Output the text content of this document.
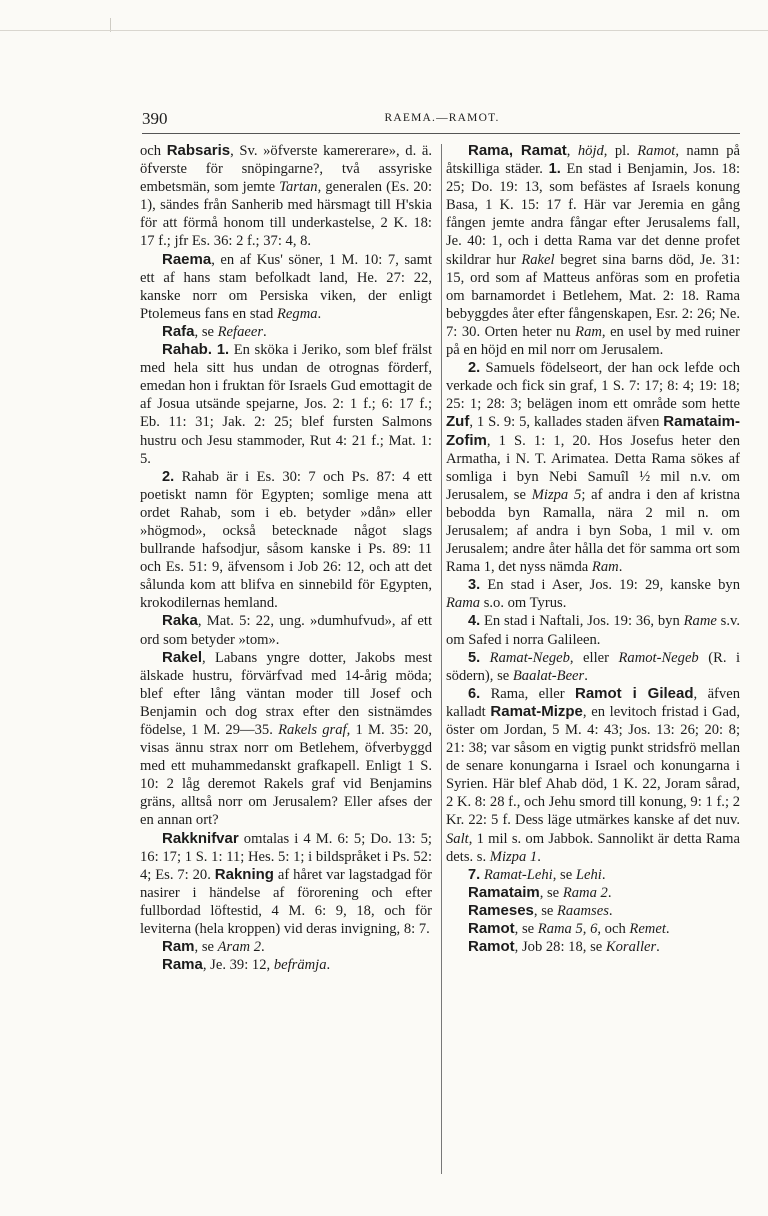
390	RAEMA.—RAMOT.

och Rabsaris, Sv. »öfverste kamererare», d. ä. öfverste för snöpingarne?, två assyriske embetsmän, som jemte Tartan, generalen (Es. 20: 1), sändes från Sanherib med härsmagt till H'skia för att förmå honom till underkastelse, 2 K. 18: 17 f.; jfr Es. 36: 2 f.; 37: 4, 8.

Raema, en af Kus' söner, 1 M. 10: 7, samt ett af hans stam befolkadt land, He. 27: 22, kanske norr om Persiska viken, der enligt Ptolemeus fans en stad Regma.

Rafa, se Refaeer.

Rahab. 1. En sköka i Jeriko, som blef frälst med hela sitt hus undan de otrognas förderf, emedan hon i fruktan för Israels Gud emottagit de af Josua utsände spejarne, Jos. 2: 1 f.; 6: 17 f.; Eb. 11: 31; Jak. 2: 25; blef fursten Salmons hustru och Jesu stammoder, Rut 4: 21 f.; Mat. 1: 5.

2. Rahab är i Es. 30: 7 och Ps. 87: 4 ett poetiskt namn för Egypten; somlige mena att ordet Rahab, som i eb. betyder »dån» eller »högmod», också betecknade något slags bullrande hafsodjur, såsom kanske i Ps. 89: 11 och Es. 51: 9, äfvensom i Job 26: 12, och att det sålunda kom att blifva en sinnebild för Egypten, krokodilernas hemland.

Raka, Mat. 5: 22, ung. »dumhufvud», af ett ord som betyder »tom».

Rakel, Labans yngre dotter, Jakobs mest älskade hustru, förvärfvad med 14-årig möda; blef efter lång väntan moder till Josef och Benjamin och dog strax efter den sistnämdes födelse, 1 M. 29—35. Rakels graf, 1 M. 35: 20, visas ännu strax norr om Betlehem, öfverbyggd med ett muhammedanskt grafkapell. Enligt 1 S. 10: 2 låg deremot Rakels graf vid Benjamins gräns, alltså norr om Jerusalem? Eller afses der en annan ort?

Rakknifvar omtalas i 4 M. 6: 5; Do. 13: 5; 16: 17; 1 S. 1: 11; Hes. 5: 1; i bildspråket i Ps. 52: 4; Es. 7: 20. Rakning af håret var lagstadgad för nasirer i händelse af förorening och efter fullbordad löftestid, 4 M. 6: 9, 18, och för leviterna (hela kroppen) vid deras invigning, 8: 7.

Ram, se Aram 2.

Rama, Je. 39: 12, befrämja.

Rama, Ramat, höjd, pl. Ramot, namn på åtskilliga städer. 1. En stad i Benjamin, Jos. 18: 25; Do. 19: 13, som befästes af Israels konung Basa, 1 K. 15: 17 f. Här var Jeremia en gång fången jemte andra fångar efter Jerusalems fall, Je. 40: 1, och i detta Rama var det denne profet skildrar hur Rakel begret sina barns död, Je. 31: 15, ord som af Matteus anföras som en profetia om barnamordet i Betlehem, Mat. 2: 18. Rama bebyggdes åter efter fångenskapen, Esr. 2: 26; Ne. 7: 30. Orten heter nu Ram, en usel by med ruiner på en höjd en mil norr om Jerusalem.

2. Samuels födelseort, der han ock lefde och verkade och fick sin graf, 1 S. 7: 17; 8: 4; 19: 18; 25: 1; 28: 3; belägen inom ett område som hette Zuf, 1 S. 9: 5, kallades staden äfven Ramataim-Zofim, 1 S. 1: 1, 20. Hos Josefus heter den Armatha, i N. T. Arimatea. Detta Rama sökes af somliga i byn Nebi Samuîl ½ mil n.v. om Jerusalem, se Mizpa 5; af andra i den af kristna bebodda byn Ramalla, nära 2 mil n. om Jerusalem; af andra i byn Soba, 1 mil v. om Jerusalem; andre åter hålla det för samma ort som Rama 1, det nyss nämda Ram.

3. En stad i Aser, Jos. 19: 29, kanske byn Rama s.o. om Tyrus.

4. En stad i Naftali, Jos. 19: 36, byn Rame s.v. om Safed i norra Galileen.

5. Ramat-Negeb, eller Ramot-Negeb (R. i södern), se Baalat-Beer.

6. Rama, eller Ramot i Gilead, äfven kalladt Ramat-Mizpe, en levitoch fristad i Gad, öster om Jordan, 5 M. 4: 43; Jos. 13: 26; 20: 8; 21: 38; var såsom en vigtig punkt stridsfrö mellan de senare konungarna i Israel och konungarna i Syrien. Här blef Ahab död, 1 K. 22, Joram sårad, 2 K. 8: 28 f., och Jehu smord till konung, 9: 1 f.; 2 Kr. 22: 5 f. Dess läge utmärkes kanske af det nuv. Salt, 1 mil s. om Jabbok. Sannolikt är detta Rama dets. s. Mizpa 1.

7. Ramat-Lehi, se Lehi.

Ramataim, se Rama 2.

Rameses, se Raamses.

Ramot, se Rama 5, 6, och Remet.

Ramot, Job 28: 18, se Koraller.
